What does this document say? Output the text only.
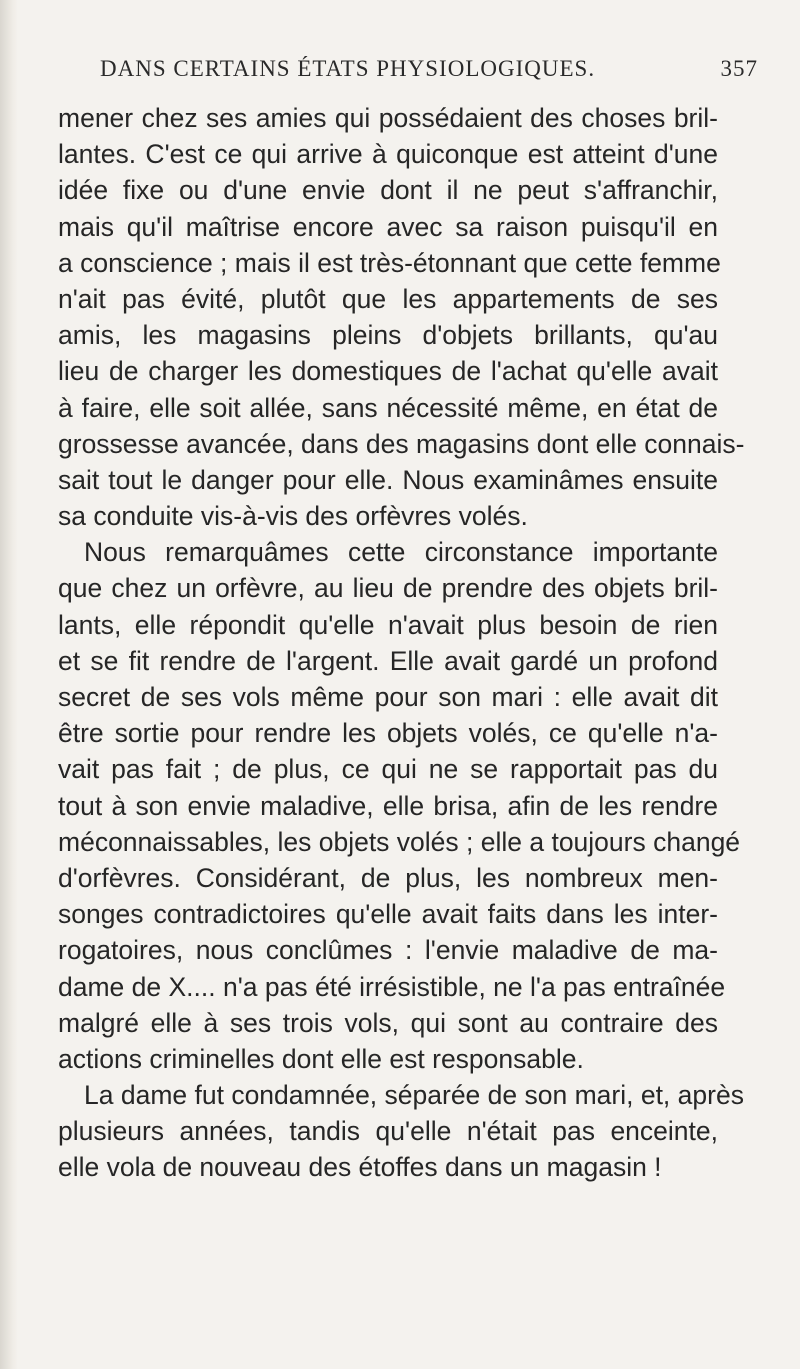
DANS CERTAINS ÉTATS PHYSIOLOGIQUES.	357
mener chez ses amies qui possédaient des choses bril-
lantes. C'est ce qui arrive à quiconque est atteint d'une
idée fixe ou d'une envie dont il ne peut s'affranchir,
mais qu'il maîtrise encore avec sa raison puisqu'il en
a conscience ; mais il est très-étonnant que cette femme
n'ait pas évité, plutôt que les appartements de ses
amis, les magasins pleins d'objets brillants, qu'au
lieu de charger les domestiques de l'achat qu'elle avait
à faire, elle soit allée, sans nécessité même, en état de
grossesse avancée, dans des magasins dont elle connais-
sait tout le danger pour elle. Nous examinâmes ensuite
sa conduite vis-à-vis des orfèvres volés.
Nous remarquâmes cette circonstance importante
que chez un orfèvre, au lieu de prendre des objets bril-
lants, elle répondit qu'elle n'avait plus besoin de rien
et se fit rendre de l'argent. Elle avait gardé un profond
secret de ses vols même pour son mari : elle avait dit
être sortie pour rendre les objets volés, ce qu'elle n'a-
vait pas fait ; de plus, ce qui ne se rapportait pas du
tout à son envie maladive, elle brisa, afin de les rendre
méconnaissables, les objets volés ; elle a toujours changé
d'orfèvres. Considérant, de plus, les nombreux men-
songes contradictoires qu'elle avait faits dans les inter-
rogatoires, nous conclûmes : l'envie maladive de ma-
dame de X.... n'a pas été irrésistible, ne l'a pas entraînée
malgré elle à ses trois vols, qui sont au contraire des
actions criminelles dont elle est responsable.
La dame fut condamnée, séparée de son mari, et, après
plusieurs années, tandis qu'elle n'était pas enceinte,
elle vola de nouveau des étoffes dans un magasin !
